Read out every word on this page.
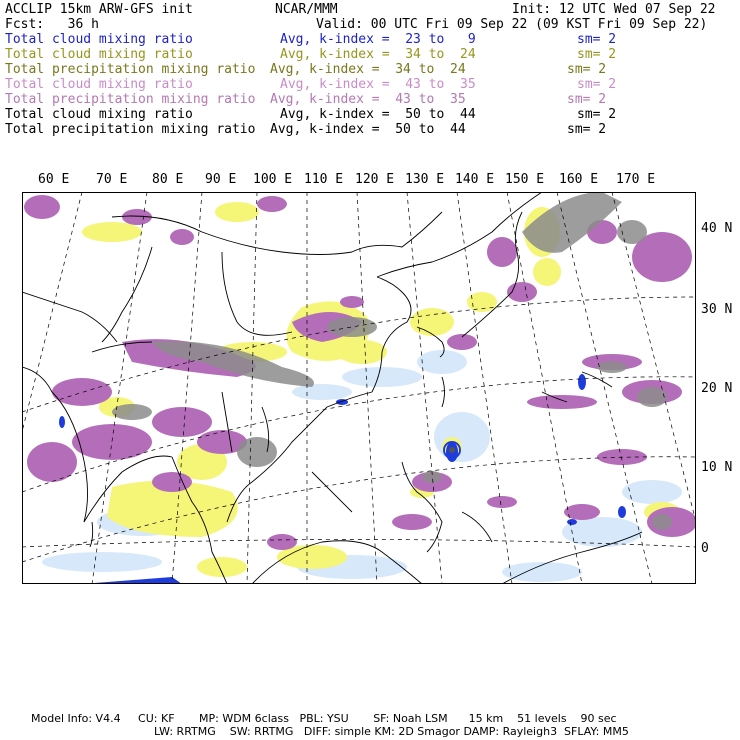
ACCLIP 15km ARW-GFS init	NCAR/MMM	Init: 12 UTC Wed 07 Sep 22
Fcst:   36 h	Valid: 00 UTC Fri 09 Sep 22 (09 KST Fri 09 Sep 22)
Total cloud mixing ratio	Avg, k-index =  23 to   9	sm= 2
Total cloud mixing ratio	Avg, k-index =  34 to  24	sm= 2
Total precipitation mixing ratio Avg, k-index =  34 to  24	sm= 2
Total cloud mixing ratio	Avg, k-index =  43 to  35	sm= 2
Total precipitation mixing ratio Avg, k-index =  43 to  35	sm= 2
Total cloud mixing ratio	Avg, k-index =  50 to  44	sm= 2
Total precipitation mixing ratio Avg, k-index =  50 to  44	sm= 2
60 E 70 E 80 E 90 E 100 E 110 E 120 E 130 E 140 E 150 E 160 E 170 E
40 N
30 N
20 N
10 N
0
Model Info: V4.4     CU: KF       MP: WDM 6class   PBL: YSU       SF: Noah LSM      15 km    51 levels    90 sec
LW: RRTMG    SW: RRTMG   DIFF: simple KM: 2D Smagor DAMP: Rayleigh3  SFLAY: MM5
